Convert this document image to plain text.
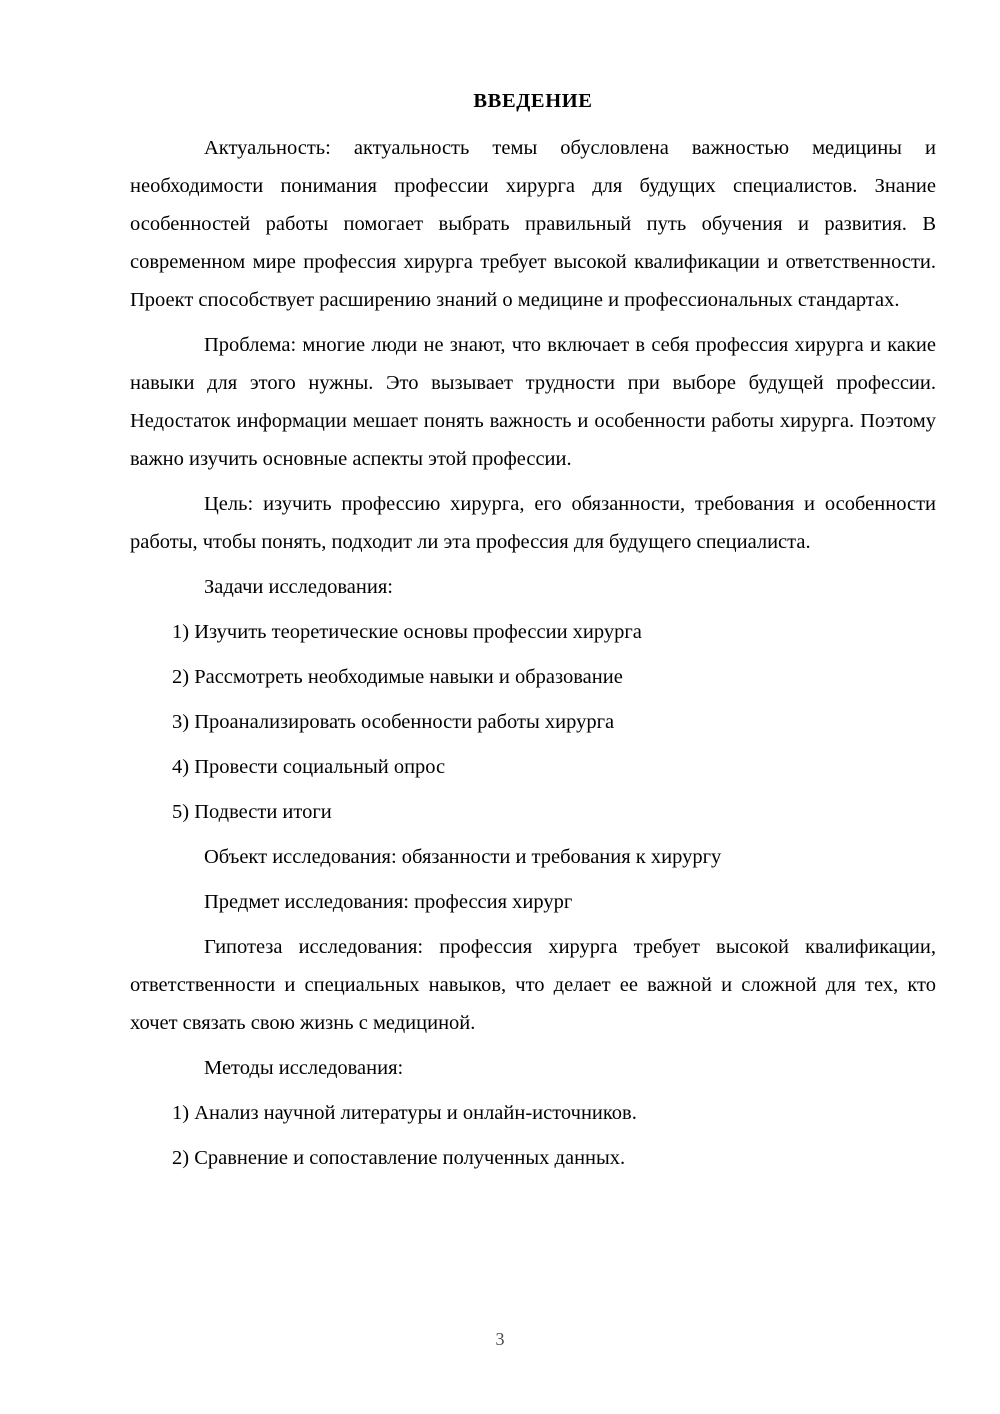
ВВЕДЕНИЕ

Актуальность: актуальность темы обусловлена важностью медицины и необходимости понимания профессии хирурга для будущих специалистов. Знание особенностей работы помогает выбрать правильный путь обучения и развития. В современном мире профессия хирурга требует высокой квалификации и ответственности. Проект способствует расширению знаний о медицине и профессиональных стандартах.

Проблема: многие люди не знают, что включает в себя профессия хирурга и какие навыки для этого нужны. Это вызывает трудности при выборе будущей профессии. Недостаток информации мешает понять важность и особенности работы хирурга. Поэтому важно изучить основные аспекты этой профессии.

Цель: изучить профессию хирурга, его обязанности, требования и особенности работы, чтобы понять, подходит ли эта профессия для будущего специалиста.

Задачи исследования:

1) Изучить теоретические основы профессии хирурга
2) Рассмотреть необходимые навыки и образование
3) Проанализировать особенности работы хирурга
4) Провести социальный опрос
5) Подвести итоги

Объект исследования: обязанности и требования к хирургу

Предмет исследования: профессия хирург

Гипотеза исследования: профессия хирурга требует высокой квалификации, ответственности и специальных навыков, что делает ее важной и сложной для тех, кто хочет связать свою жизнь с медициной.

Методы исследования:

1) Анализ научной литературы и онлайн-источников.
2) Сравнение и сопоставление полученных данных.
3
